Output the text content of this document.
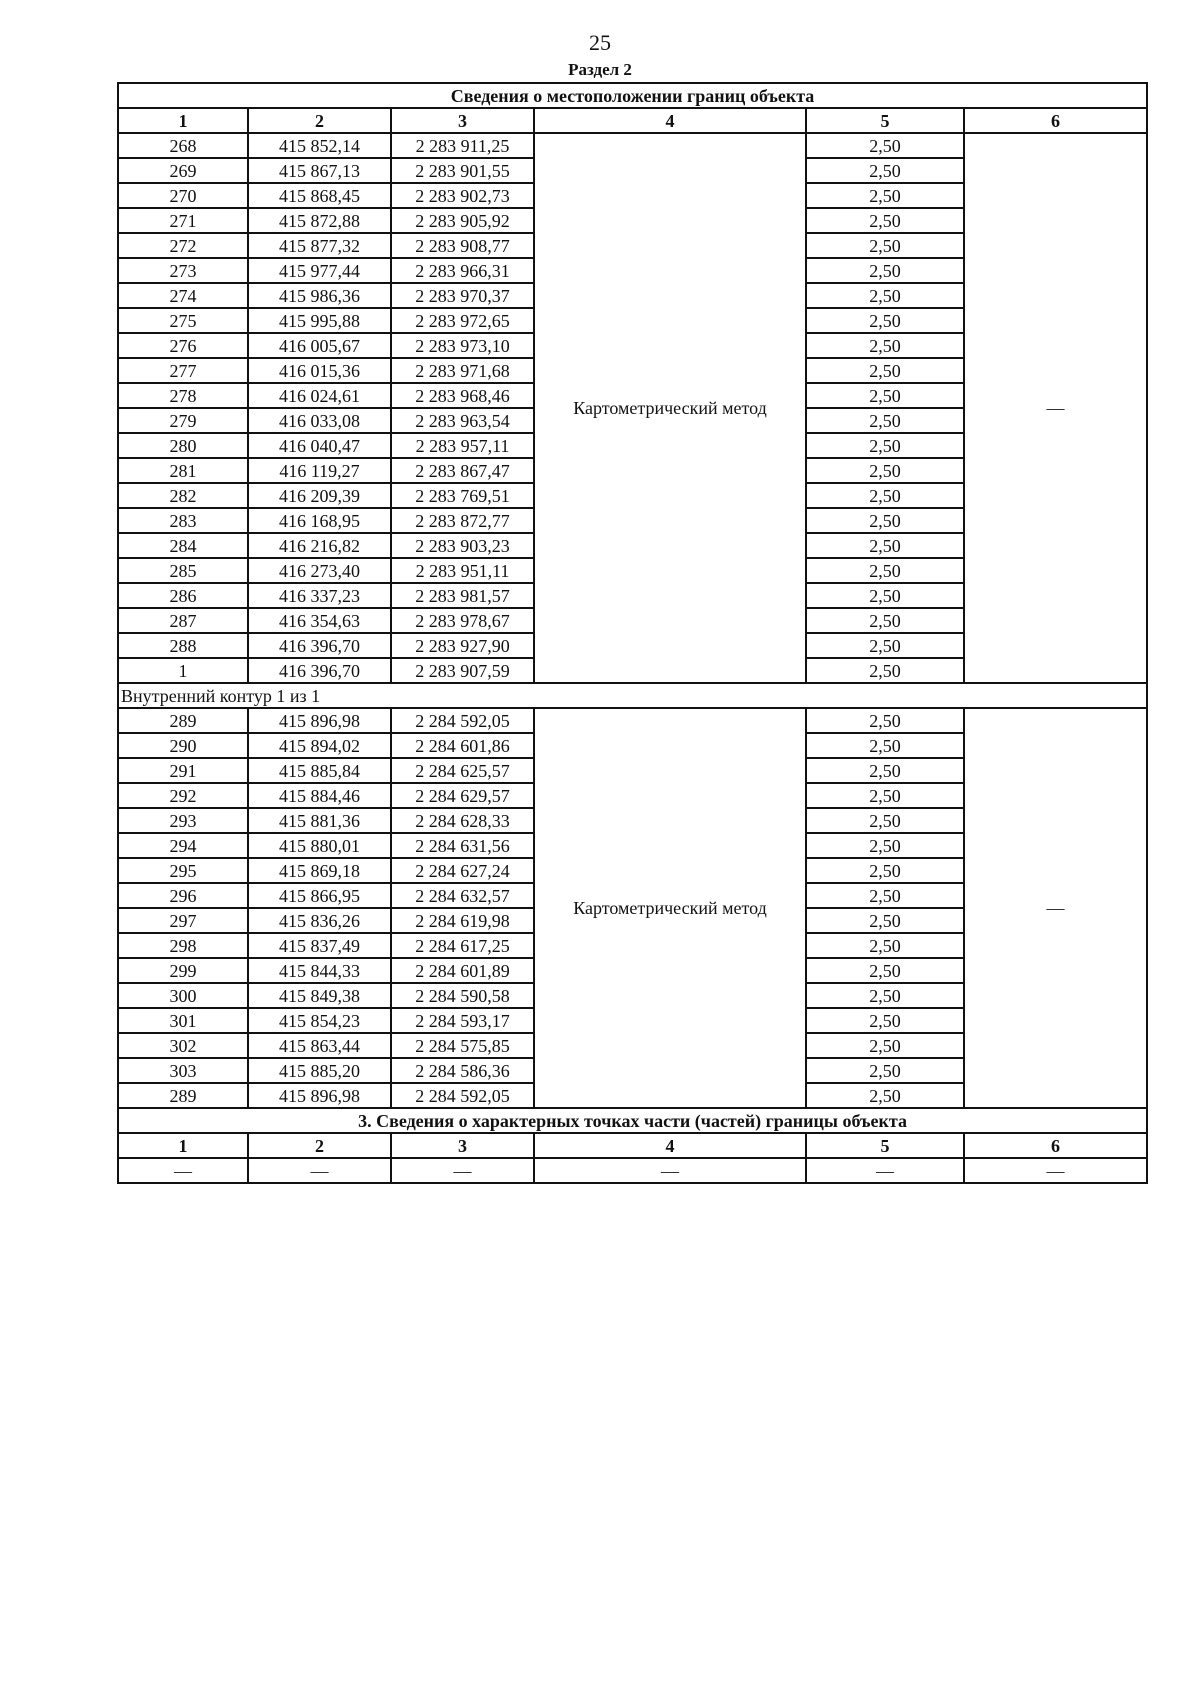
25
Раздел 2
Сведения о местоположении границ объекта					
1	2	3	4	5	6
268	415 852,14	2 283 911,25	Картометрический метод	2,50	—
269	415 867,13	2 283 901,55		2,50	
270	415 868,45	2 283 902,73		2,50	
271	415 872,88	2 283 905,92		2,50	
272	415 877,32	2 283 908,77		2,50	
273	415 977,44	2 283 966,31		2,50	
274	415 986,36	2 283 970,37		2,50	
275	415 995,88	2 283 972,65		2,50	
276	416 005,67	2 283 973,10		2,50	
277	416 015,36	2 283 971,68		2,50	
278	416 024,61	2 283 968,46		2,50	
279	416 033,08	2 283 963,54		2,50	
280	416 040,47	2 283 957,11		2,50	
281	416 119,27	2 283 867,47		2,50	
282	416 209,39	2 283 769,51		2,50	
283	416 168,95	2 283 872,77		2,50	
284	416 216,82	2 283 903,23		2,50	
285	416 273,40	2 283 951,11		2,50	
286	416 337,23	2 283 981,57		2,50	
287	416 354,63	2 283 978,67		2,50	
288	416 396,70	2 283 927,90		2,50	
1	416 396,70	2 283 907,59		2,50	
Внутренний контур 1 из 1					
289	415 896,98	2 284 592,05	Картометрический метод	2,50	—
290	415 894,02	2 284 601,86		2,50	
291	415 885,84	2 284 625,57		2,50	
292	415 884,46	2 284 629,57		2,50	
293	415 881,36	2 284 628,33		2,50	
294	415 880,01	2 284 631,56		2,50	
295	415 869,18	2 284 627,24		2,50	
296	415 866,95	2 284 632,57		2,50	
297	415 836,26	2 284 619,98		2,50	
298	415 837,49	2 284 617,25		2,50	
299	415 844,33	2 284 601,89		2,50	
300	415 849,38	2 284 590,58		2,50	
301	415 854,23	2 284 593,17		2,50	
302	415 863,44	2 284 575,85		2,50	
303	415 885,20	2 284 586,36		2,50	
289	415 896,98	2 284 592,05		2,50	
3. Сведения о характерных точках части (частей) границы объекта					
1	2	3	4	5	6
—	—	—	—	—	—
